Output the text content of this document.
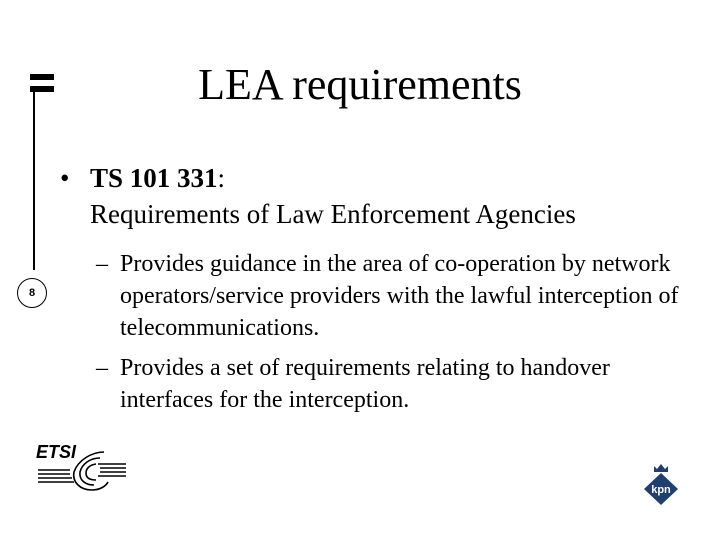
8
LEA requirements
• TS 101 331:
Requirements of Law Enforcement Agencies
– Provides guidance in the area of co-operation by network operators/service providers with the lawful interception of telecommunications.
– Provides a set of requirements relating to handover interfaces for the interception.
ETSI
kpn
